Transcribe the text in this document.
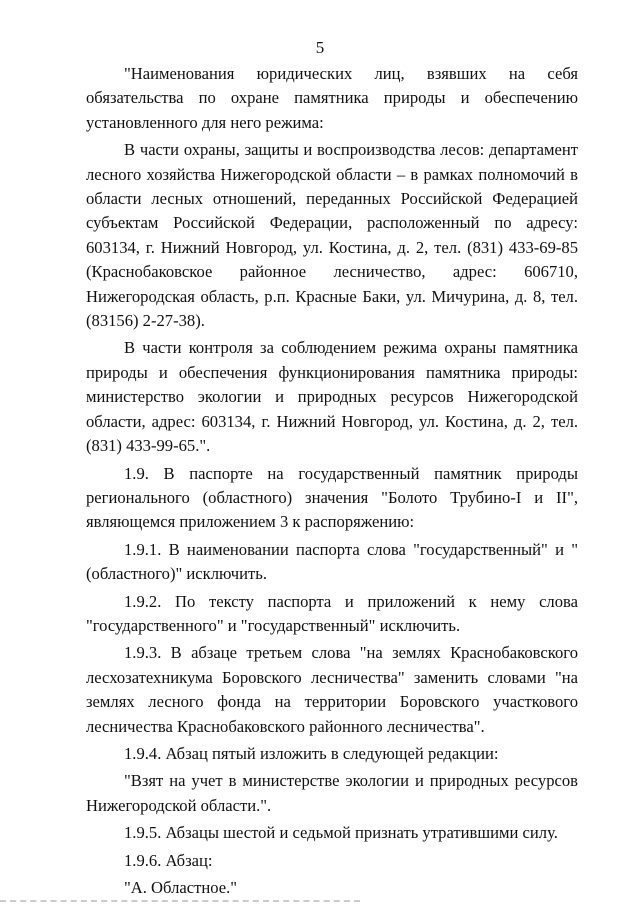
5

"Наименования юридических лиц, взявших на себя обязательства по охране памятника природы и обеспечению установленного для него режима:

В части охраны, защиты и воспроизводства лесов: департамент лесного хозяйства Нижегородской области – в рамках полномочий в области лесных отношений, переданных Российской Федерацией субъектам Российской Федерации, расположенный по адресу: 603134, г. Нижний Новгород, ул. Костина, д. 2, тел. (831) 433-69-85 (Краснобаковское районное лесничество, адрес: 606710, Нижегородская область, р.п. Красные Баки, ул. Мичурина, д. 8, тел. (83156) 2-27-38).

В части контроля за соблюдением режима охраны памятника природы и обеспечения функционирования памятника природы: министерство экологии и природных ресурсов Нижегородской области, адрес: 603134, г. Нижний Новгород, ул. Костина, д. 2, тел. (831) 433-99-65.".

1.9. В паспорте на государственный памятник природы регионального (областного) значения "Болото Трубино-I и II", являющемся приложением 3 к распоряжению:

1.9.1. В наименовании паспорта слова "государственный" и "(областного)" исключить.

1.9.2. По тексту паспорта и приложений к нему слова "государственного" и "государственный" исключить.

1.9.3. В абзаце третьем слова "на землях Краснобаковского лесхозатехникума Боровского лесничества" заменить словами "на землях лесного фонда на территории Боровского участкового лесничества Краснобаковского районного лесничества".

1.9.4. Абзац пятый изложить в следующей редакции:

"Взят на учет в министерстве экологии и природных ресурсов Нижегородской области.".

1.9.5. Абзацы шестой и седьмой признать утратившими силу.

1.9.6. Абзац:

"А. Областное."
